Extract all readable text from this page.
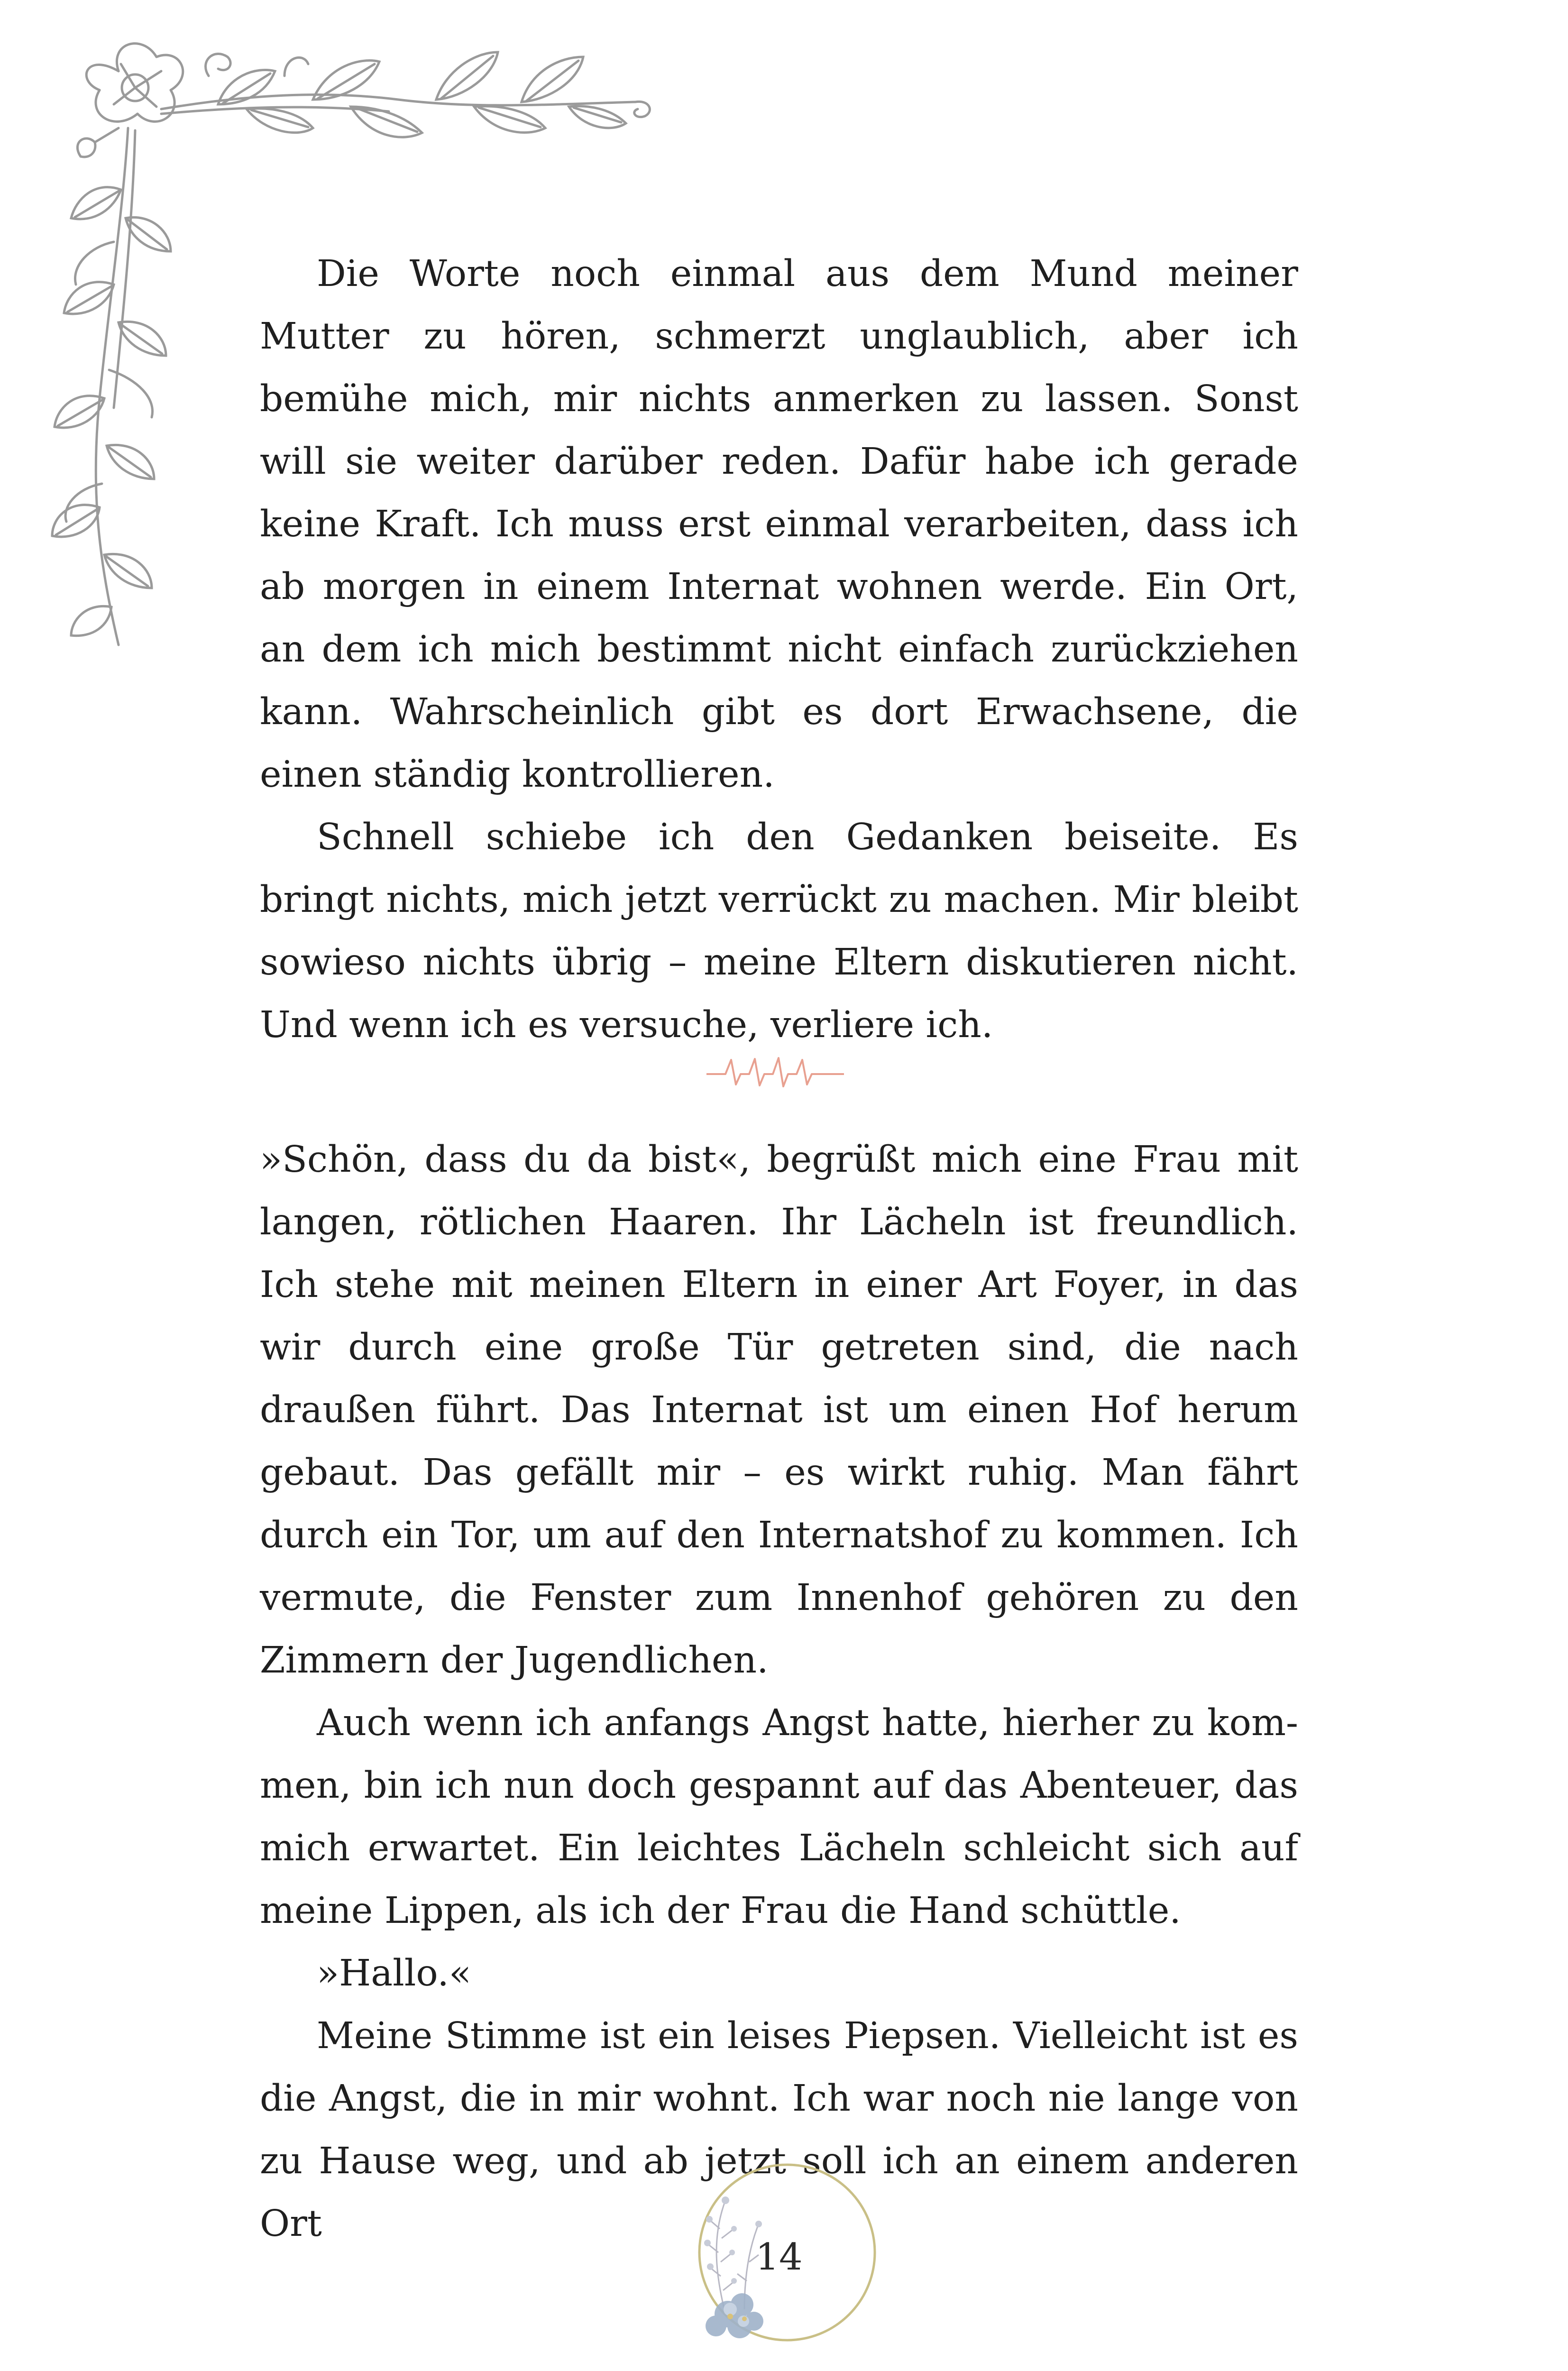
Die Worte noch einmal aus dem Mund meiner Mutter zu hören, schmerzt unglaublich, aber ich bemühe mich, mir nichts anmerken zu lassen. Sonst will sie weiter darüber reden. Dafür habe ich gerade keine Kraft. Ich muss erst einmal verarbeiten, dass ich ab morgen in einem Internat wohnen werde. Ein Ort, an dem ich mich bestimmt nicht einfach zurückziehen kann. Wahrscheinlich gibt es dort Erwachsene, die einen ständig kontrollieren.

Schnell schiebe ich den Gedanken beiseite. Es bringt nichts, mich jetzt verrückt zu machen. Mir bleibt sowieso nichts übrig – meine Eltern diskutieren nicht. Und wenn ich es versuche, verliere ich.

»Schön, dass du da bist«, begrüßt mich eine Frau mit langen, rötlichen Haaren. Ihr Lächeln ist freundlich. Ich stehe mit meinen Eltern in einer Art Foyer, in das wir durch eine große Tür getreten sind, die nach draußen führt. Das Internat ist um einen Hof herum gebaut. Das gefällt mir – es wirkt ruhig. Man fährt durch ein Tor, um auf den Internatshof zu kommen. Ich vermute, die Fenster zum Innenhof gehören zu den Zimmern der Jugendlichen.

Auch wenn ich anfangs Angst hatte, hierher zu kommen, bin ich nun doch gespannt auf das Abenteuer, das mich erwartet. Ein leichtes Lächeln schleicht sich auf meine Lippen, als ich der Frau die Hand schüttle.

»Hallo.«

Meine Stimme ist ein leises Piepsen. Vielleicht ist es die Angst, die in mir wohnt. Ich war noch nie lange von zu Hause weg, und ab jetzt soll ich an einem anderen Ort

14
